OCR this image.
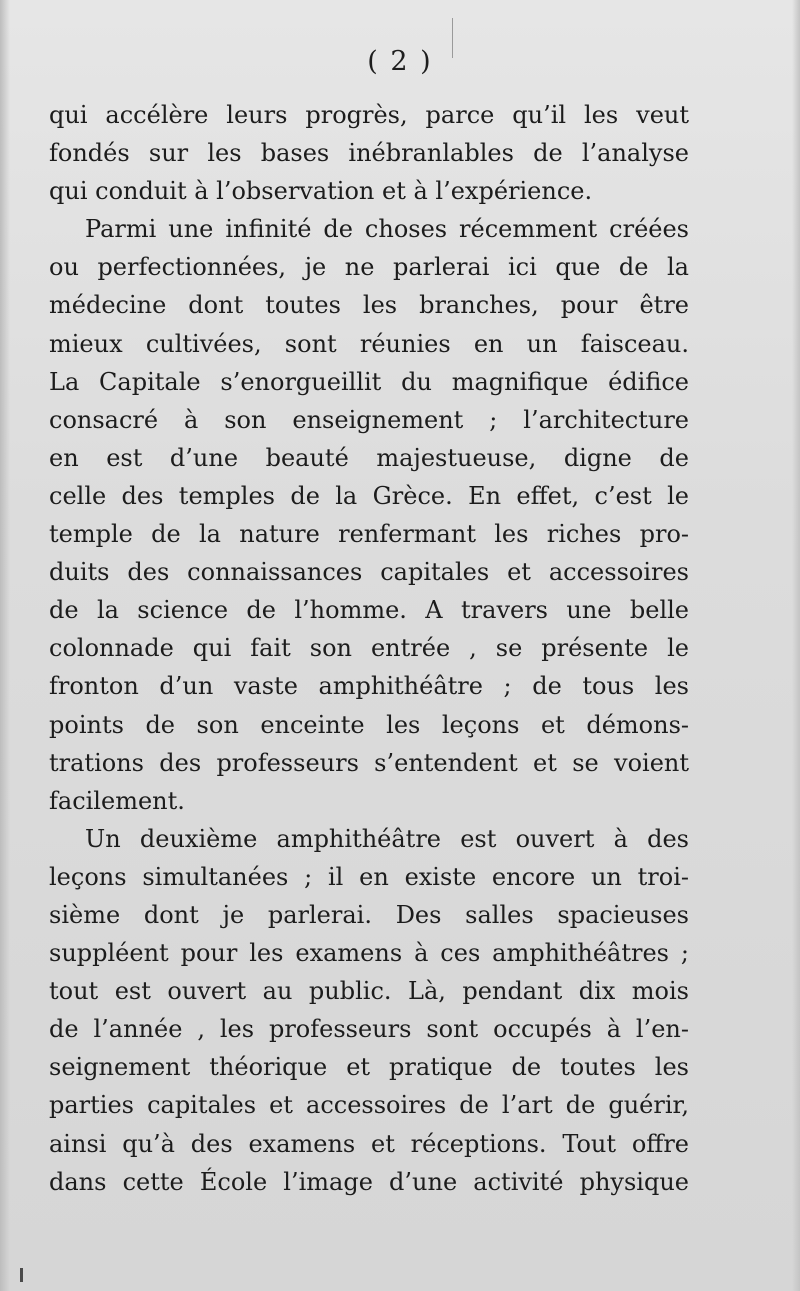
( 2 )
qui accélère leurs progrès, parce qu’il les veut
fondés sur les bases inébranlables de l’analyse
qui conduit à l’observation et à l’expérience.
Parmi une infinité de choses récemment créées
ou perfectionnées, je ne parlerai ici que de la
médecine dont toutes les branches, pour être
mieux cultivées, sont réunies en un faisceau.
La Capitale s’enorgueillit du magnifique édifice
consacré à son enseignement ; l’architecture
en est d’une beauté majestueuse, digne de
celle des temples de la Grèce. En effet, c’est le
temple de la nature renfermant les riches pro-
duits des connaissances capitales et accessoires
de la science de l’homme. A travers une belle
colonnade qui fait son entrée , se présente le
fronton d’un vaste amphithéâtre ; de tous les
points de son enceinte les leçons et démons-
trations des professeurs s’entendent et se voient
facilement.
Un deuxième amphithéâtre est ouvert à des
leçons simultanées ; il en existe encore un troi-
sième dont je parlerai. Des salles spacieuses
suppléent pour les examens à ces amphithéâtres ;
tout est ouvert au public. Là, pendant dix mois
de l’année , les professeurs sont occupés à l’en-
seignement théorique et pratique de toutes les
parties capitales et accessoires de l’art de guérir,
ainsi qu’à des examens et réceptions. Tout offre
dans cette École l’image d’une activité physique
